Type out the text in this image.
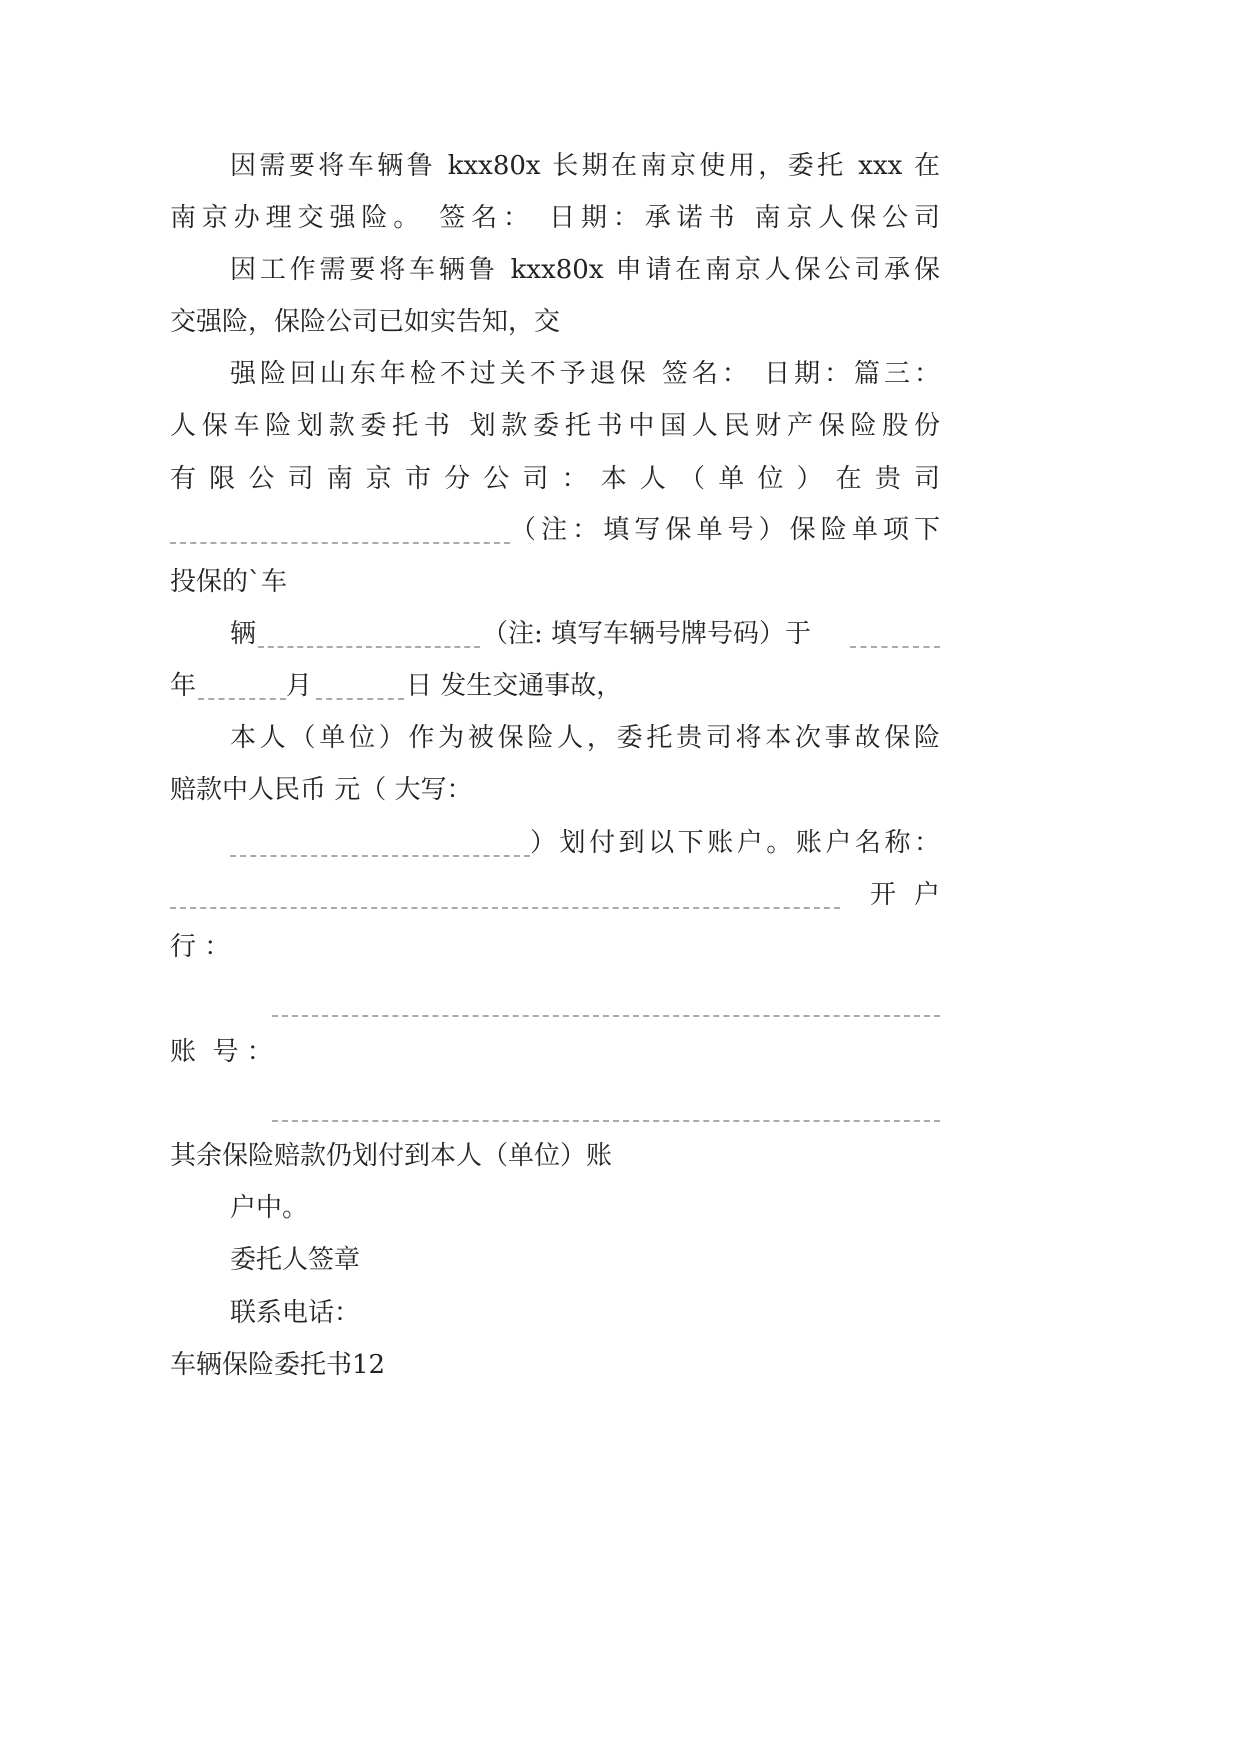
因需要将车辆鲁 kxx80x 长期在南京使用，委托 xxx 在
南京办理交强险。 签名： 日期：承诺书 南京人保公司
因工作需要将车辆鲁 kxx80x 申请在南京人保公司承保
交强险，保险公司已如实告知，交
强险回山东年检不过关不予退保 签名： 日期：篇三：
人保车险划款委托书 划款委托书中国人民财产保险股份
有 限 公 司 南 京 市 分 公 司 ： 本 人 （ 单 位 ） 在 贵 司
（注：填写保单号）保险单项下
投保的`车
辆	（注: 填写车辆号牌号码）于
年	月	日 发生交通事故，
本人（单位）作为被保险人，委托贵司将本次事故保险
赔款中人民币 元（ 大写：
）划付到以下账户。账户名称：
开 户
行 ：
账  号 ：
其余保险赔款仍划付到本人（单位）账
户中。
委托人签章
联系电话：
车辆保险委托书12
